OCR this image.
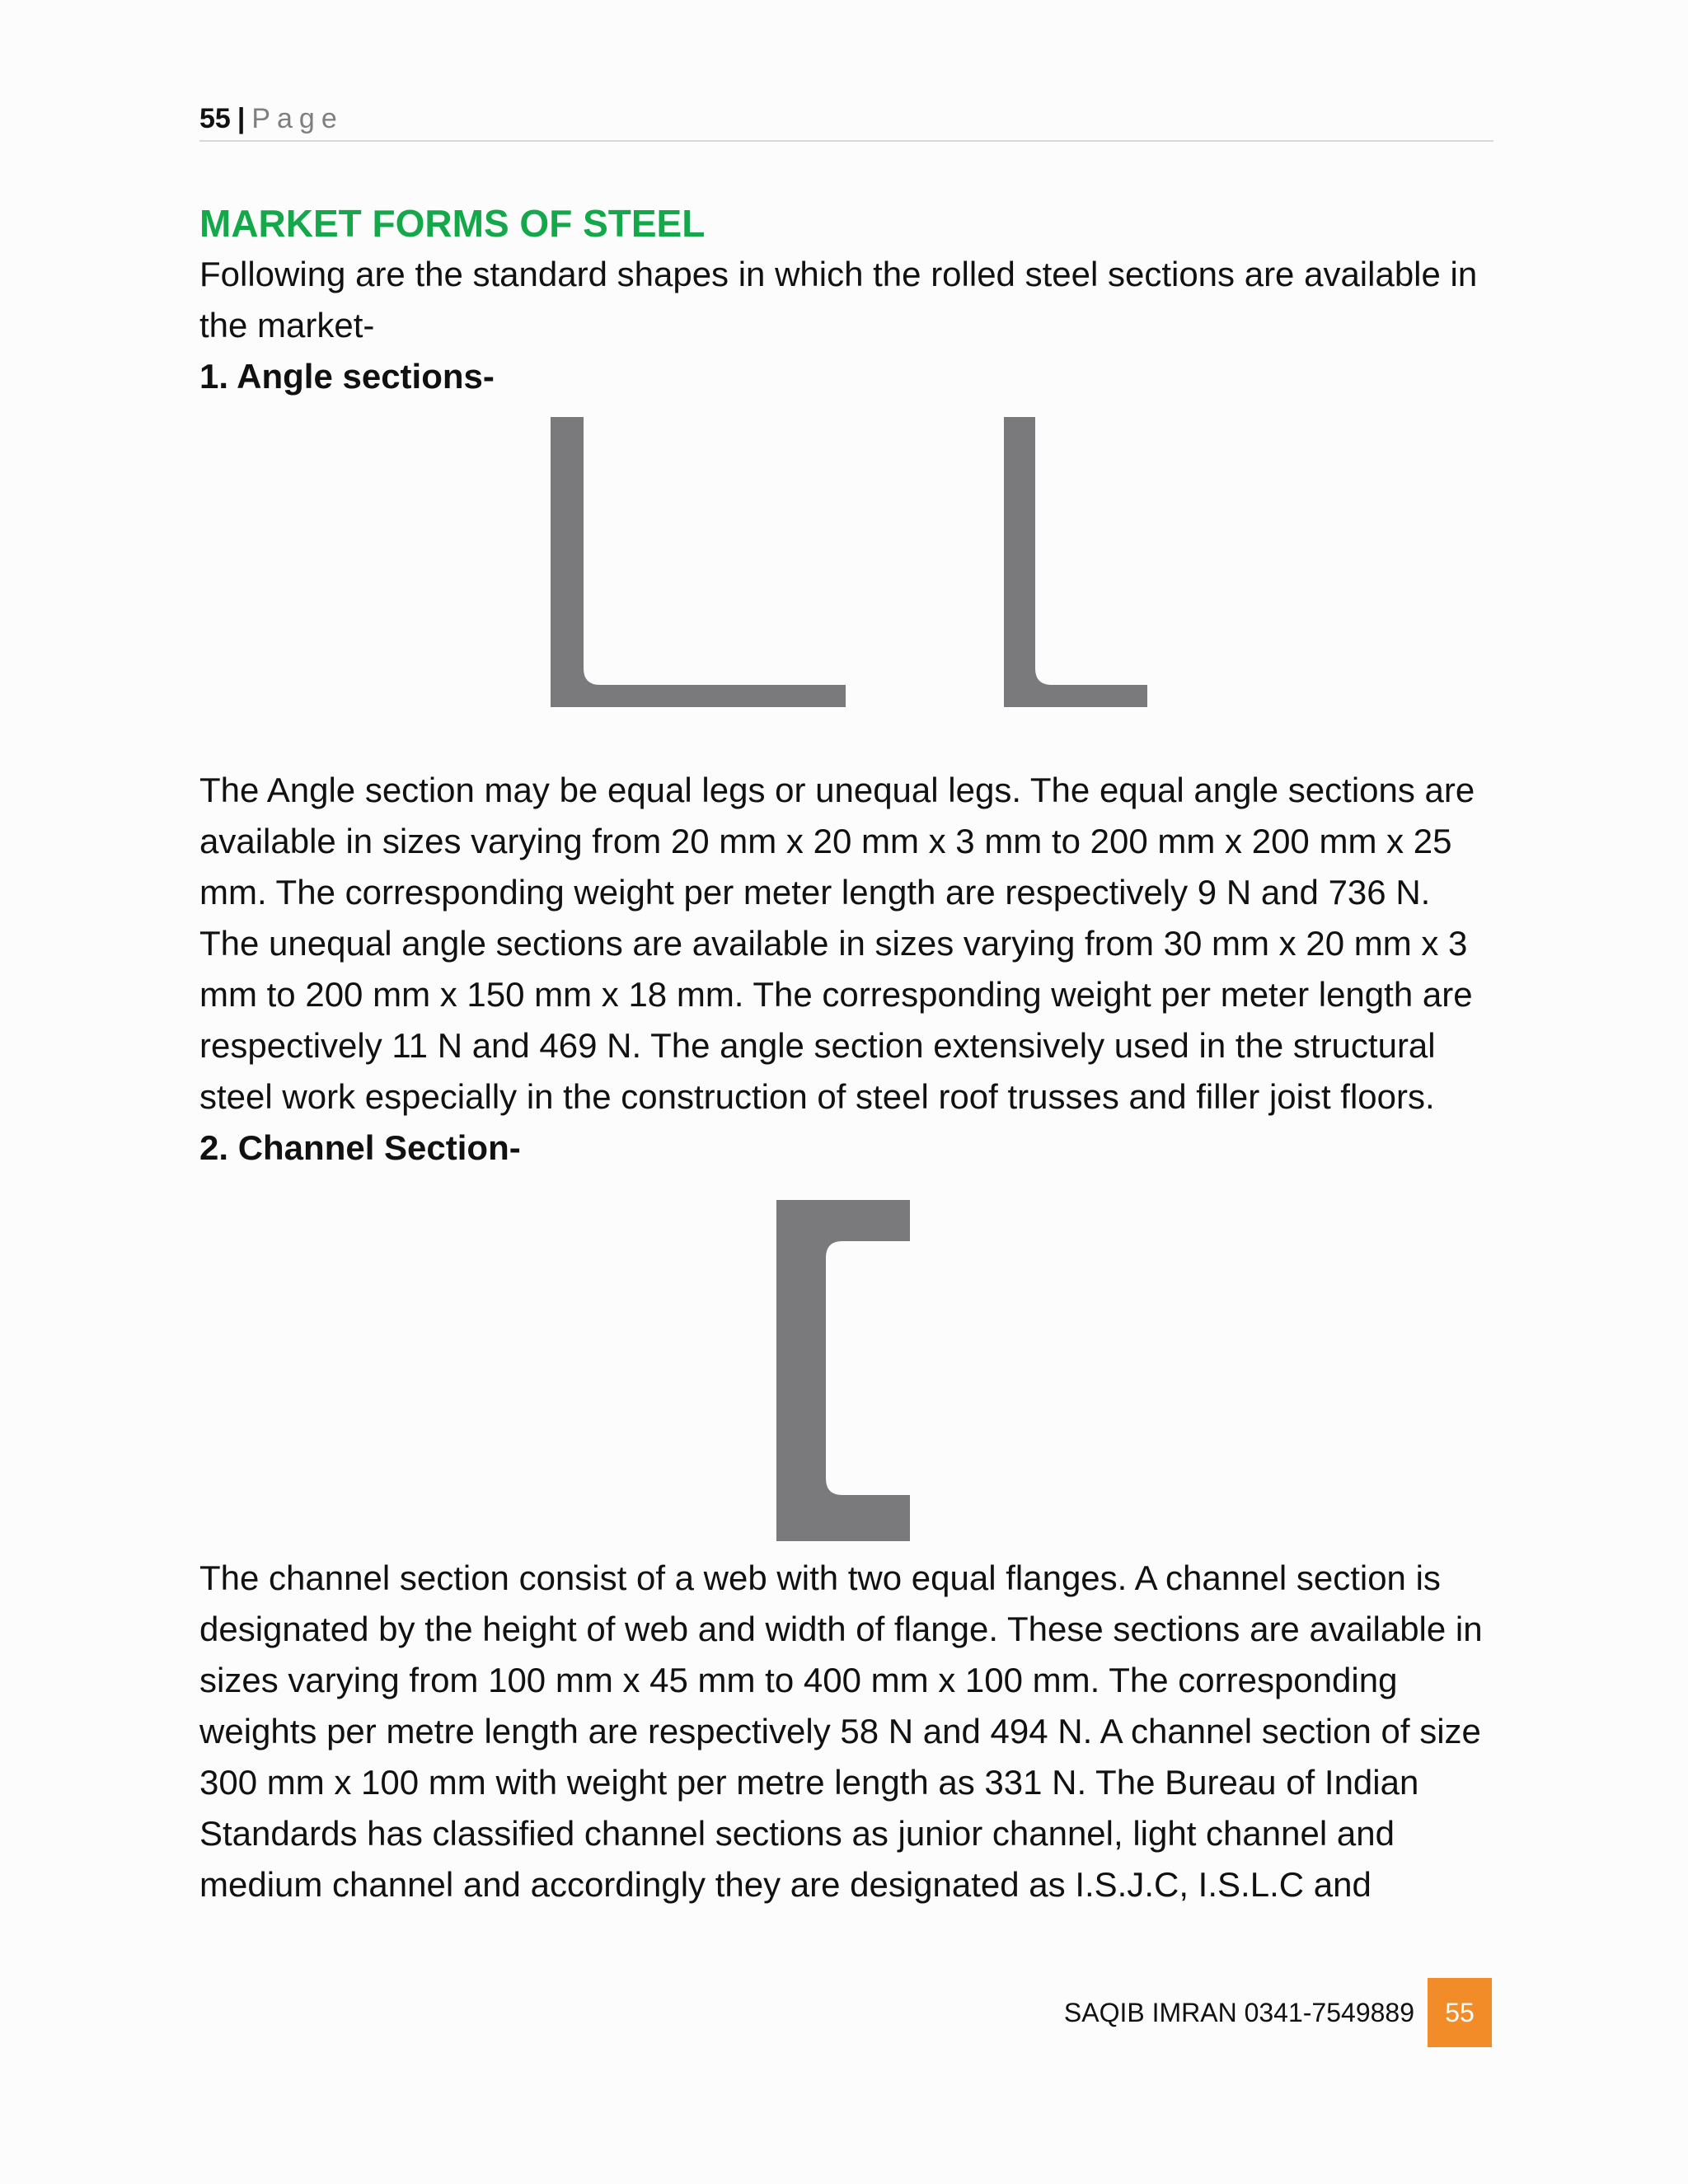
55 | Page
MARKET FORMS OF STEEL

Following are the standard shapes in which the rolled steel sections are available in the market-

1. Angle sections-

The Angle section may be equal legs or unequal legs. The equal angle sections are available in sizes varying from 20 mm x 20 mm x 3 mm to 200 mm x 200 mm x 25 mm. The corresponding weight per meter length are respectively 9 N and 736 N. The unequal angle sections are available in sizes varying from 30 mm x 20 mm x 3 mm to 200 mm x 150 mm x 18 mm. The corresponding weight per meter length are respectively 11 N and 469 N. The angle section extensively used in the structural steel work especially in the construction of steel roof trusses and filler joist floors.

2. Channel Section-

The channel section consist of a web with two equal flanges. A channel section is designated by the height of web and width of flange. These sections are available in sizes varying from 100 mm x 45 mm to 400 mm x 100 mm. The corresponding weights per metre length are respectively 58 N and 494 N. A channel section of size 300 mm x 100 mm with weight per metre length as 331 N. The Bureau of Indian Standards has classified channel sections as junior channel, light channel and medium channel and accordingly they are designated as I.S.J.C, I.S.L.C and

SAQIB IMRAN 0341-7549889	55
